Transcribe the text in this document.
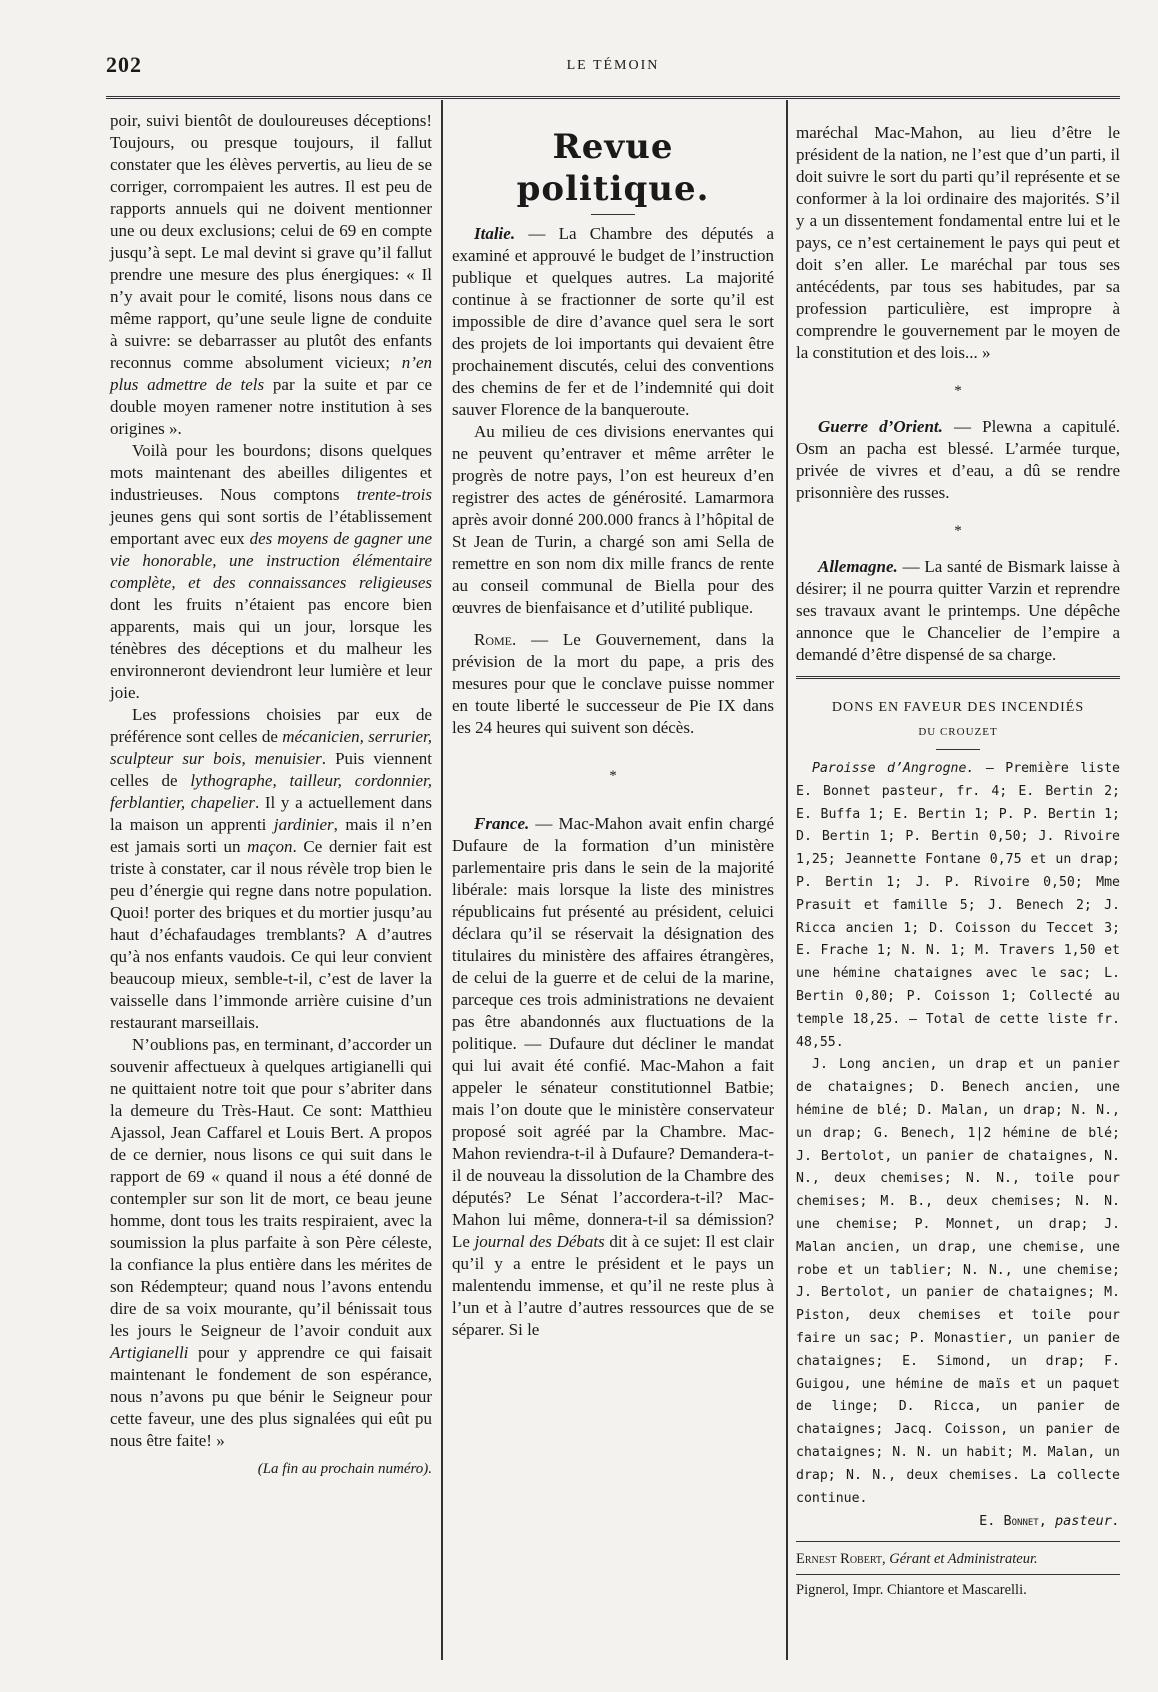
202	LE TÉMOIN

poir, suivi bientôt de douloureuses déceptions! Toujours, ou presque toujours, il fallut constater que les élèves pervertis, au lieu de se corriger, corrompaient les autres. Il est peu de rapports annuels qui ne doivent mentionner une ou deux exclusions; celui de 69 en compte jusqu’à sept. Le mal devint si grave qu’il fallut prendre une mesure des plus énergiques: « Il n’y avait pour le comité, lisons nous dans ce même rapport, qu’une seule ligne de conduite à suivre: se debarrasser au plutôt des enfants reconnus comme absolument vicieux; n’en plus admettre de tels par la suite et par ce double moyen ramener notre institution à ses origines ».

Voilà pour les bourdons; disons quelques mots maintenant des abeilles diligentes et industrieuses. Nous comptons trente-trois jeunes gens qui sont sortis de l’établissement emportant avec eux des moyens de gagner une vie honorable, une instruction élémentaire complète, et des connaissances religieuses dont les fruits n’étaient pas encore bien apparents, mais qui un jour, lorsque les ténèbres des déceptions et du malheur les environneront deviendront leur lumière et leur joie.

Les professions choisies par eux de préférence sont celles de mécanicien, serrurier, sculpteur sur bois, menuisier. Puis viennent celles de lythographe, tailleur, cordonnier, ferblantier, chapelier. Il y a actuellement dans la maison un apprenti jardinier, mais il n’en est jamais sorti un maçon. Ce dernier fait est triste à constater, car il nous révèle trop bien le peu d’énergie qui regne dans notre population. Quoi! porter des briques et du mortier jusqu’au haut d’échafaudages tremblants? A d’autres qu’à nos enfants vaudois. Ce qui leur convient beaucoup mieux, semble-t-il, c’est de laver la vaisselle dans l’immonde arrière cuisine d’un restaurant marseillais.

N’oublions pas, en terminant, d’accorder un souvenir affectueux à quelques artigianelli qui ne quittaient notre toit que pour s’abriter dans la demeure du Très-Haut. Ce sont: Matthieu Ajassol, Jean Caffarel et Louis Bert. A propos de ce dernier, nous lisons ce qui suit dans le rapport de 69 « quand il nous a été donné de contempler sur son lit de mort, ce beau jeune homme, dont tous les traits respiraient, avec la soumission la plus parfaite à son Père céleste, la confiance la plus entière dans les mérites de son Rédempteur; quand nous l’avons entendu dire de sa voix mourante, qu’il bénissait tous les jours le Seigneur de l’avoir conduit aux Artigianelli pour y apprendre ce qui faisait maintenant le fondement de son espérance, nous n’avons pu que bénir le Seigneur pour cette faveur, une des plus signalées qui eût pu nous être faite! »

(La fin au prochain numéro).
Revue politique.

Italie. — La Chambre des députés a examiné et approuvé le budget de l’instruction publique et quelques autres. La majorité continue à se fractionner de sorte qu’il est impossible de dire d’avance quel sera le sort des projets de loi importants qui devaient être prochainement discutés, celui des conventions des chemins de fer et de l’indemnité qui doit sauver Florence de la banqueroute.

Au milieu de ces divisions enervantes qui ne peuvent qu’entraver et même arrêter le progrès de notre pays, l’on est heureux d’en registrer des actes de générosité. Lamarmora après avoir donné 200.000 francs à l’hôpital de St Jean de Turin, a chargé son ami Sella de remettre en son nom dix mille francs de rente au conseil communal de Biella pour des œuvres de bienfaisance et d’utilité publique.

Rome. — Le Gouvernement, dans la prévision de la mort du pape, a pris des mesures pour que le conclave puisse nommer en toute liberté le successeur de Pie IX dans les 24 heures qui suivent son décès.

*

France. — Mac-Mahon avait enfin chargé Dufaure de la formation d’un ministère parlementaire pris dans le sein de la majorité libérale: mais lorsque la liste des ministres républicains fut présenté au président, celuici déclara qu’il se réservait la désignation des titulaires du ministère des affaires étrangères, de celui de la guerre et de celui de la marine, parceque ces trois administrations ne devaient pas être abandonnés aux fluctuations de la politique. — Dufaure dut décliner le mandat qui lui avait été confié. Mac-Mahon a fait appeler le sénateur constitutionnel Batbie; mais l’on doute que le ministère conservateur proposé soit agréé par la Chambre. Mac-Mahon reviendra-t-il à Dufaure? Demandera-t-il de nouveau la dissolution de la Chambre des députés? Le Sénat l’accordera-t-il? Mac-Mahon lui même, donnera-t-il sa démission? Le journal des Débats dit à ce sujet: Il est clair qu’il y a entre le président et le pays un malentendu immense, et qu’il ne reste plus à l’un et à l’autre d’autres ressources que de se séparer. Si le

maréchal Mac-Mahon, au lieu d’être le président de la nation, ne l’est que d’un parti, il doit suivre le sort du parti qu’il représente et se conformer à la loi ordinaire des majorités. S’il y a un dissentement fondamental entre lui et le pays, ce n’est certainement le pays qui peut et doit s’en aller. Le maréchal par tous ses antécédents, par tous ses habitudes, par sa profession particulière, est impropre à comprendre le gouvernement par le moyen de la constitution et des lois... »

*

Guerre d’Orient. — Plewna a capitulé. Osm an pacha est blessé. L’armée turque, privée de vivres et d’eau, a dû se rendre prisonnière des russes.

*

Allemagne. — La santé de Bismark laisse à désirer; il ne pourra quitter Varzin et reprendre ses travaux avant le printemps. Une dépêche annonce que le Chancelier de l’empire a demandé d’être dispensé de sa charge.

DONS EN FAVEUR DES INCENDIÉS
DU CROUZET

Paroisse d’Angrogne. — Première liste E. Bonnet pasteur, fr. 4; E. Bertin 2; E. Buffa 1; E. Bertin 1; P. P. Bertin 1; D. Bertin 1; P. Bertin 0,50; J. Rivoire 1,25; Jeannette Fontane 0,75 et un drap; P. Bertin 1; J. P. Rivoire 0,50; Mme Prasuit et famille 5; J. Benech 2; J. Ricca ancien 1; D. Coisson du Teccet 3; E. Frache 1; N. N. 1; M. Travers 1,50 et une hémine chataignes avec le sac; L. Bertin 0,80; P. Coisson 1; Collecté au temple 18,25. — Total de cette liste fr. 48,55.

J. Long ancien, un drap et un panier de chataignes; D. Benech ancien, une hémine de blé; D. Malan, un drap; N. N., un drap; G. Benech, 1|2 hémine de blé; J. Bertolot, un panier de chataignes, N. N., deux chemises; N. N., toile pour chemises; M. B., deux chemises; N. N. une chemise; P. Monnet, un drap; J. Malan ancien, un drap, une chemise, une robe et un tablier; N. N., une chemise; J. Bertolot, un panier de chataignes; M. Piston, deux chemises et toile pour faire un sac; P. Monastier, un panier de chataignes; E. Simond, un drap; F. Guigou, une hémine de maïs et un paquet de linge; D. Ricca, un panier de chataignes; Jacq. Coisson, un panier de chataignes; N. N. un habit; M. Malan, un drap; N. N., deux chemises. La collecte continue.

E. Bonnet, pasteur.

Ernest Robert, Gérant et Administrateur.

Pignerol, Impr. Chiantore et Mascarelli.
